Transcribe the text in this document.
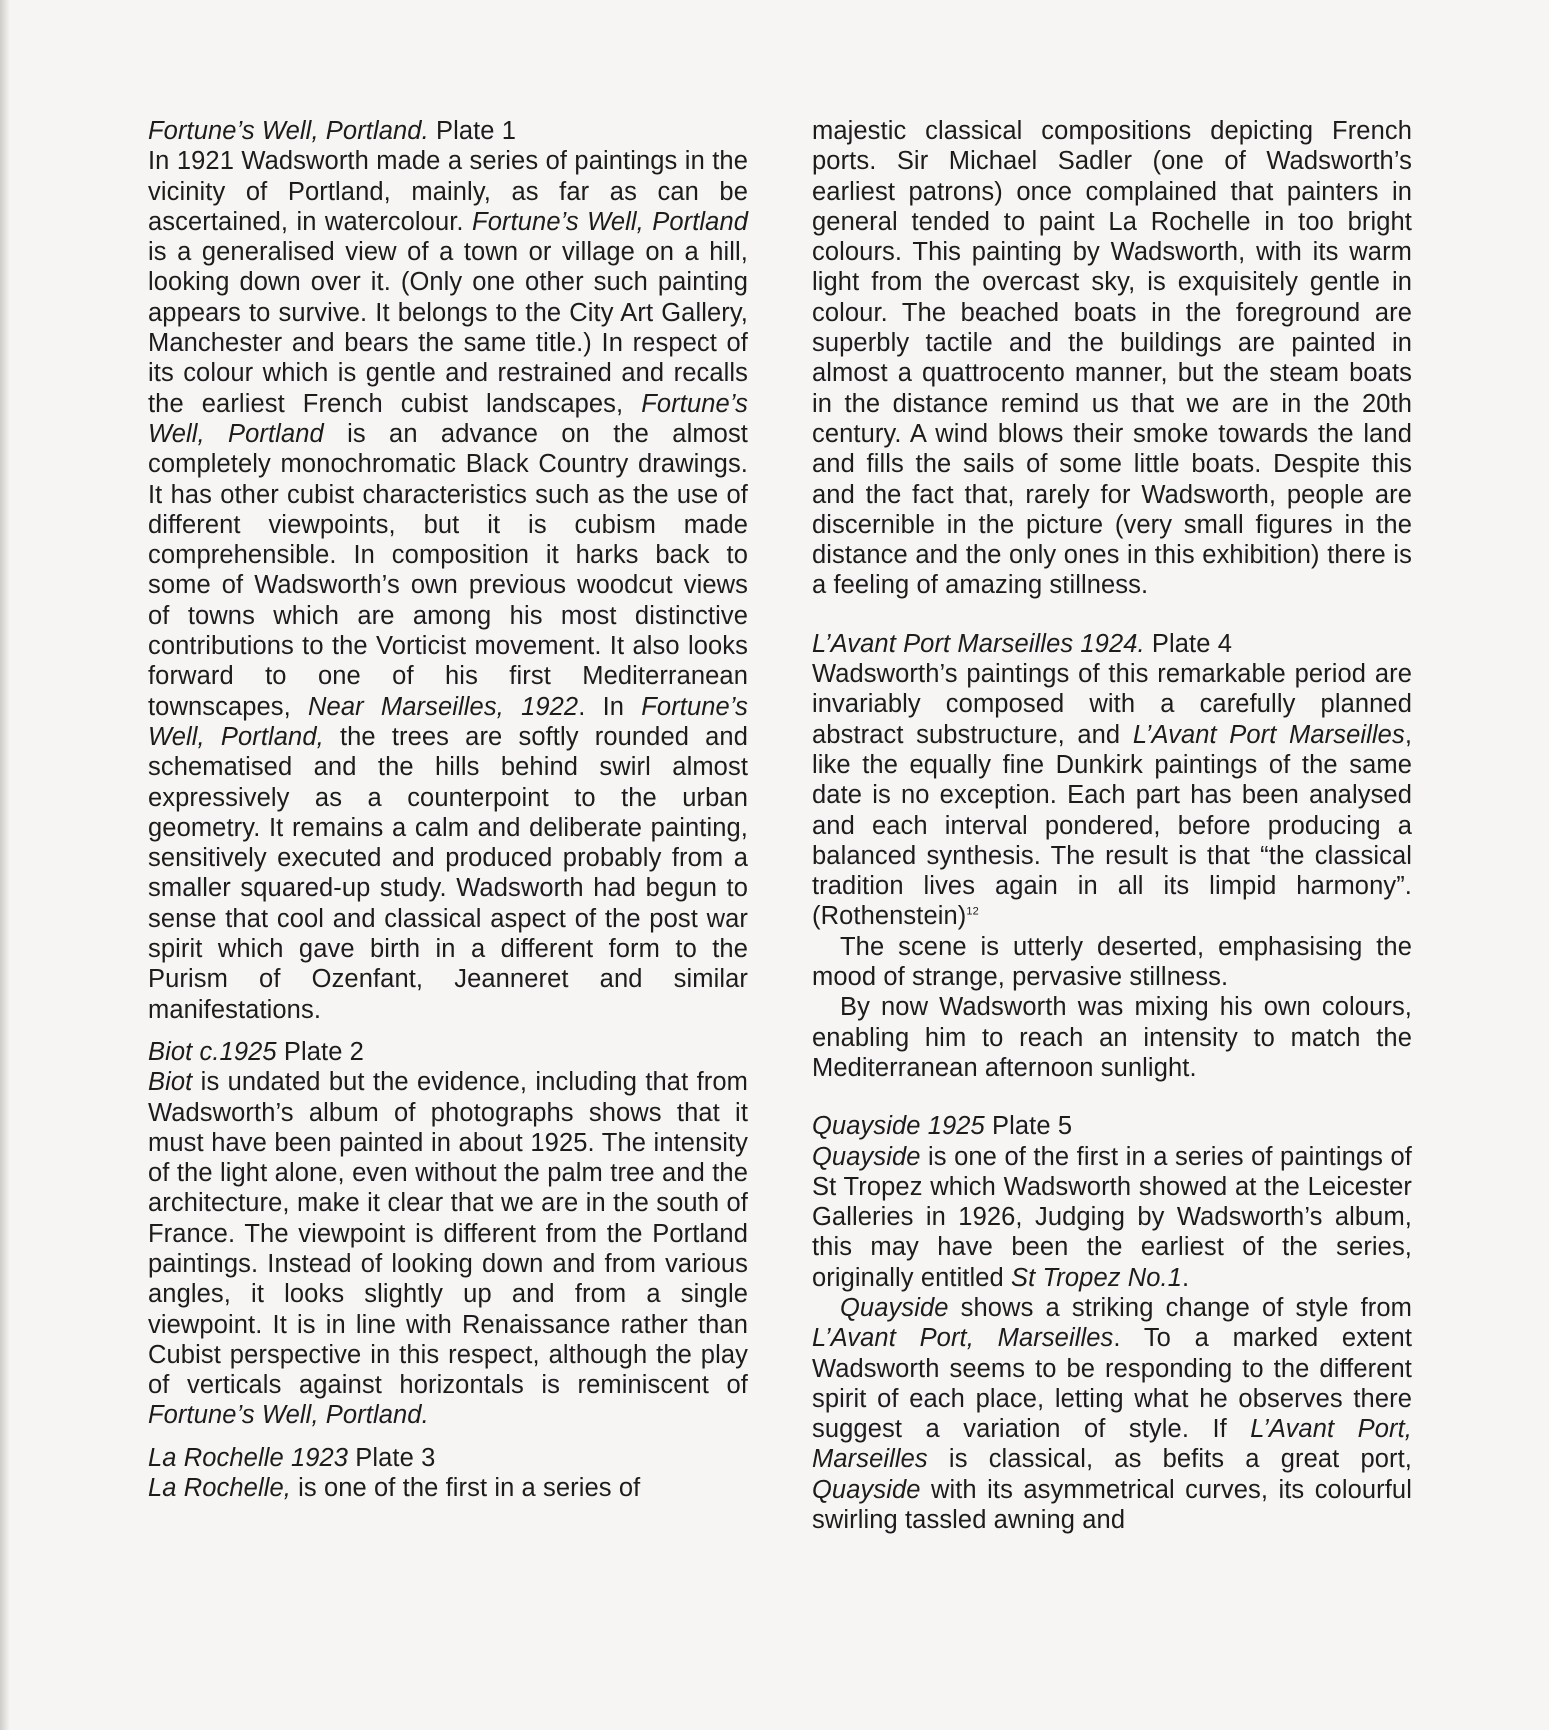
Fortune’s Well, Portland. Plate 1

In 1921 Wadsworth made a series of paintings in the vicinity of Portland, mainly, as far as can be ascertained, in watercolour. Fortune’s Well, Portland is a generalised view of a town or village on a hill, looking down over it. (Only one other such painting appears to survive. It belongs to the City Art Gallery, Manchester and bears the same title.) In respect of its colour which is gentle and restrained and recalls the earliest French cubist landscapes, Fortune’s Well, Portland is an advance on the almost completely monochromatic Black Country drawings. It has other cubist characteristics such as the use of different viewpoints, but it is cubism made comprehensible. In composition it harks back to some of Wadsworth’s own previous woodcut views of towns which are among his most distinctive contributions to the Vorticist movement. It also looks forward to one of his first Mediterranean townscapes, Near Marseilles, 1922. In Fortune’s Well, Portland, the trees are softly rounded and schematised and the hills behind swirl almost expressively as a counterpoint to the urban geometry. It remains a calm and deliberate painting, sensitively executed and produced probably from a smaller squared-up study. Wadsworth had begun to sense that cool and classical aspect of the post war spirit which gave birth in a different form to the Purism of Ozenfant, Jeanneret and similar manifestations.

Biot c.1925 Plate 2

Biot is undated but the evidence, including that from Wadsworth’s album of photographs shows that it must have been painted in about 1925. The intensity of the light alone, even without the palm tree and the architecture, make it clear that we are in the south of France. The viewpoint is different from the Portland paintings. Instead of looking down and from various angles, it looks slightly up and from a single viewpoint. It is in line with Renaissance rather than Cubist perspective in this respect, although the play of verticals against horizontals is reminiscent of Fortune’s Well, Portland.

La Rochelle 1923 Plate 3

La Rochelle, is one of the first in a series of

majestic classical compositions depicting French ports. Sir Michael Sadler (one of Wadsworth’s earliest patrons) once complained that painters in general tended to paint La Rochelle in too bright colours. This painting by Wadsworth, with its warm light from the overcast sky, is exquisitely gentle in colour. The beached boats in the foreground are superbly tactile and the buildings are painted in almost a quattrocento manner, but the steam boats in the distance remind us that we are in the 20th century. A wind blows their smoke towards the land and fills the sails of some little boats. Despite this and the fact that, rarely for Wadsworth, people are discernible in the picture (very small figures in the distance and the only ones in this exhibition) there is a feeling of amazing stillness.

L’Avant Port Marseilles 1924. Plate 4

Wadsworth’s paintings of this remarkable period are invariably composed with a carefully planned abstract substructure, and L’Avant Port Marseilles, like the equally fine Dunkirk paintings of the same date is no exception. Each part has been analysed and each interval pondered, before producing a balanced synthesis. The result is that “the classical tradition lives again in all its limpid harmony”. (Rothenstein)$^{12}$

The scene is utterly deserted, emphasising the mood of strange, pervasive stillness.

By now Wadsworth was mixing his own colours, enabling him to reach an intensity to match the Mediterranean afternoon sunlight.

Quayside 1925 Plate 5

Quayside is one of the first in a series of paintings of St Tropez which Wadsworth showed at the Leicester Galleries in 1926, Judging by Wadsworth’s album, this may have been the earliest of the series, originally entitled St Tropez No.1.

Quayside shows a striking change of style from L’Avant Port, Marseilles. To a marked extent Wadsworth seems to be responding to the different spirit of each place, letting what he observes there suggest a variation of style. If L’Avant Port, Marseilles is classical, as befits a great port, Quayside with its asymmetrical curves, its colourful swirling tassled awning and
